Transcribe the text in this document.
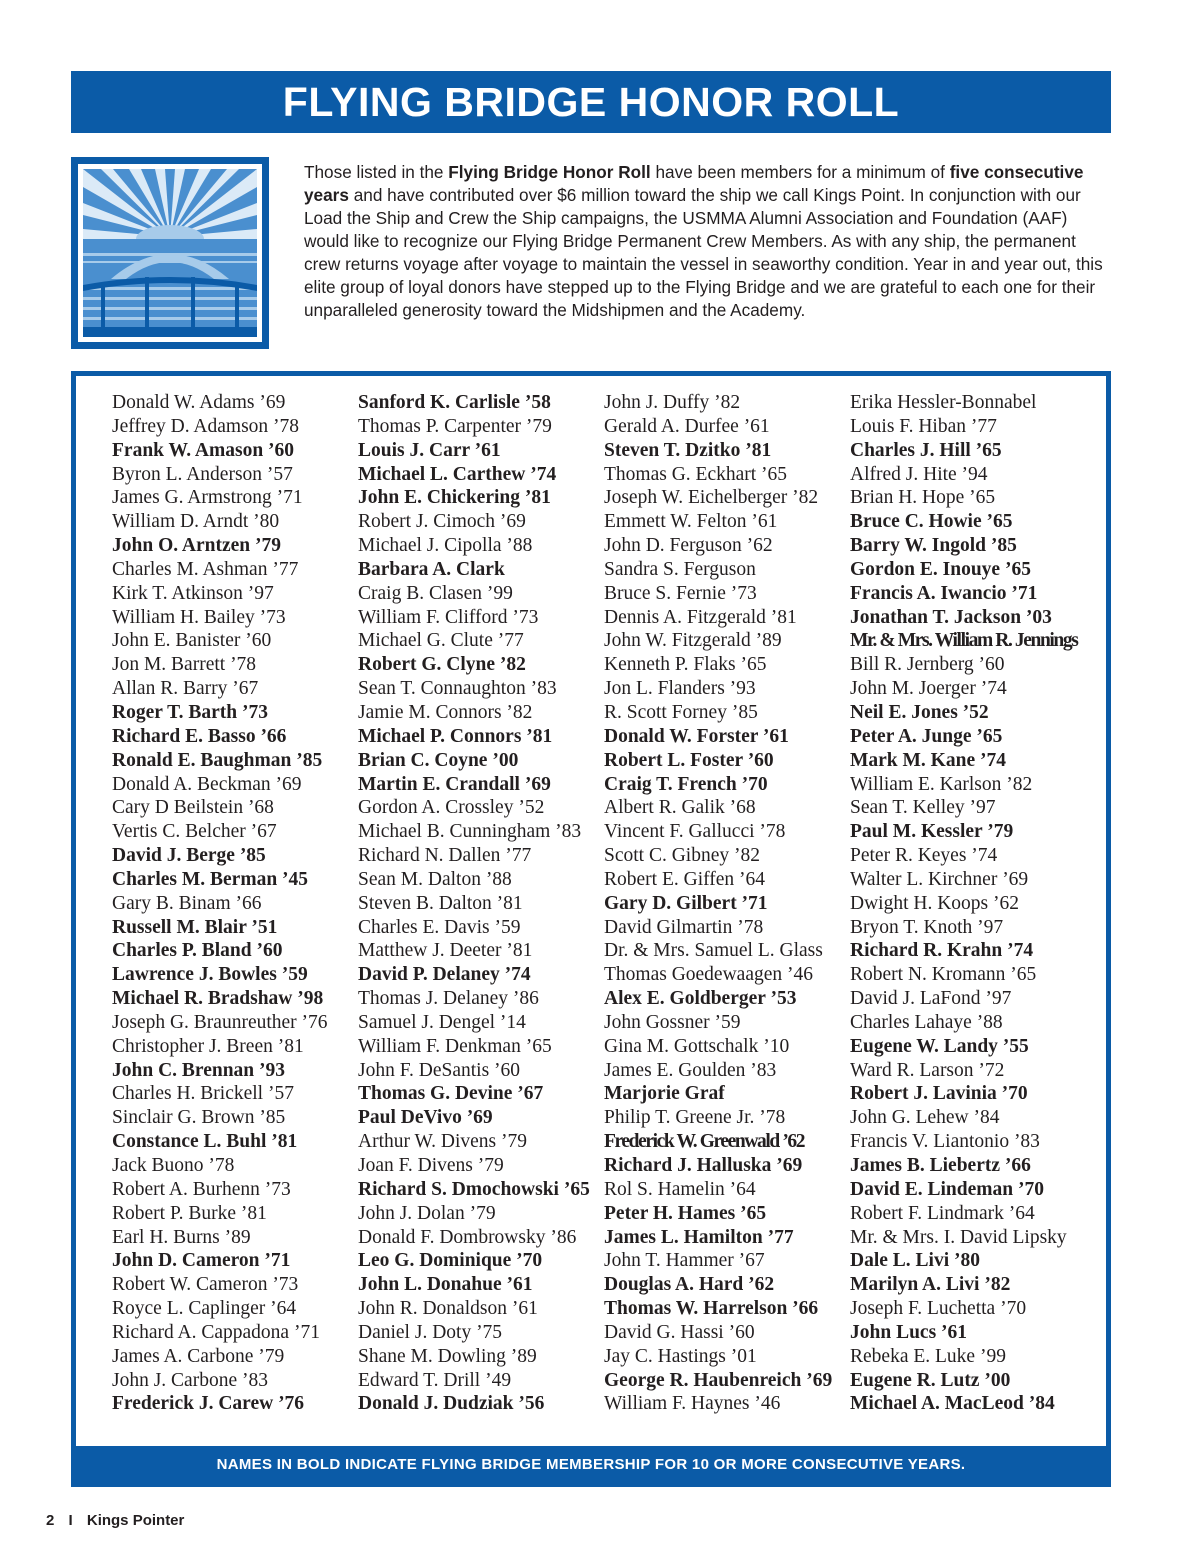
FLYING BRIDGE HONOR ROLL
Those listed in the Flying Bridge Honor Roll have been members for a minimum of five consecutive years and have contributed over $6 million toward the ship we call Kings Point. In conjunction with our Load the Ship and Crew the Ship campaigns, the USMMA Alumni Association and Foundation (AAF) would like to recognize our Flying Bridge Permanent Crew Members. As with any ship, the permanent crew returns voyage after voyage to maintain the vessel in seaworthy condition. Year in and year out, this elite group of loyal donors have stepped up to the Flying Bridge and we are grateful to each one for their unparalleled generosity toward the Midshipmen and the Academy.
Donald W. Adams ’69
Jeffrey D. Adamson ’78
Frank W. Amason ’60
Byron L. Anderson ’57
James G. Armstrong ’71
William D. Arndt ’80
John O. Arntzen ’79
Charles M. Ashman ’77
Kirk T. Atkinson ’97
William H. Bailey ’73
John E. Banister ’60
Jon M. Barrett ’78
Allan R. Barry ’67
Roger T. Barth ’73
Richard E. Basso ’66
Ronald E. Baughman ’85
Donald A. Beckman ’69
Cary D Beilstein ’68
Vertis C. Belcher ’67
David J. Berge ’85
Charles M. Berman ’45
Gary B. Binam ’66
Russell M. Blair ’51
Charles P. Bland ’60
Lawrence J. Bowles ’59
Michael R. Bradshaw ’98
Joseph G. Braunreuther ’76
Christopher J. Breen ’81
John C. Brennan ’93
Charles H. Brickell ’57
Sinclair G. Brown ’85
Constance L. Buhl ’81
Jack Buono ’78
Robert A. Burhenn ’73
Robert P. Burke ’81
Earl H. Burns ’89
John D. Cameron ’71
Robert W. Cameron ’73
Royce L. Caplinger ’64
Richard A. Cappadona ’71
James A. Carbone ’79
John J. Carbone ’83
Frederick J. Carew ’76
Sanford K. Carlisle ’58
Thomas P. Carpenter ’79
Louis J. Carr ’61
Michael L. Carthew ’74
John E. Chickering ’81
Robert J. Cimoch ’69
Michael J. Cipolla ’88
Barbara A. Clark
Craig B. Clasen ’99
William F. Clifford ’73
Michael G. Clute ’77
Robert G. Clyne ’82
Sean T. Connaughton ’83
Jamie M. Connors ’82
Michael P. Connors ’81
Brian C. Coyne ’00
Martin E. Crandall ’69
Gordon A. Crossley ’52
Michael B. Cunningham ’83
Richard N. Dallen ’77
Sean M. Dalton ’88
Steven B. Dalton ’81
Charles E. Davis ’59
Matthew J. Deeter ’81
David P. Delaney ’74
Thomas J. Delaney ’86
Samuel J. Dengel ’14
William F. Denkman ’65
John F. DeSantis ’60
Thomas G. Devine ’67
Paul DeVivo ’69
Arthur W. Divens ’79
Joan F. Divens ’79
Richard S. Dmochowski ’65
John J. Dolan ’79
Donald F. Dombrowsky ’86
Leo G. Dominique ’70
John L. Donahue ’61
John R. Donaldson ’61
Daniel J. Doty ’75
Shane M. Dowling ’89
Edward T. Drill ’49
Donald J. Dudziak ’56
John J. Duffy ’82
Gerald A. Durfee ’61
Steven T. Dzitko ’81
Thomas G. Eckhart ’65
Joseph W. Eichelberger ’82
Emmett W. Felton ’61
John D. Ferguson ’62
Sandra S. Ferguson
Bruce S. Fernie ’73
Dennis A. Fitzgerald ’81
John W. Fitzgerald ’89
Kenneth P. Flaks ’65
Jon L. Flanders ’93
R. Scott Forney ’85
Donald W. Forster ’61
Robert L. Foster ’60
Craig T. French ’70
Albert R. Galik ’68
Vincent F. Gallucci ’78
Scott C. Gibney ’82
Robert E. Giffen ’64
Gary D. Gilbert ’71
David Gilmartin ’78
Dr. & Mrs. Samuel L. Glass
Thomas Goedewaagen ’46
Alex E. Goldberger ’53
John Gossner ’59
Gina M. Gottschalk ’10
James E. Goulden ’83
Marjorie Graf
Philip T. Greene Jr. ’78
Frederick W. Greenwald ’62
Richard J. Halluska ’69
Rol S. Hamelin ’64
Peter H. Hames ’65
James L. Hamilton ’77
John T. Hammer ’67
Douglas A. Hard ’62
Thomas W. Harrelson ’66
David G. Hassi ’60
Jay C. Hastings ’01
George R. Haubenreich ’69
William F. Haynes ’46
Erika Hessler-Bonnabel
Louis F. Hiban ’77
Charles J. Hill ’65
Alfred J. Hite ’94
Brian H. Hope ’65
Bruce C. Howie ’65
Barry W. Ingold ’85
Gordon E. Inouye ’65
Francis A. Iwancio ’71
Jonathan T. Jackson ’03
Mr. & Mrs. William R. Jennings
Bill R. Jernberg ’60
John M. Joerger ’74
Neil E. Jones ’52
Peter A. Junge ’65
Mark M. Kane ’74
William E. Karlson ’82
Sean T. Kelley ’97
Paul M. Kessler ’79
Peter R. Keyes ’74
Walter L. Kirchner ’69
Dwight H. Koops ’62
Bryon T. Knoth ’97
Richard R. Krahn ’74
Robert N. Kromann ’65
David J. LaFond ’97
Charles Lahaye ’88
Eugene W. Landy ’55
Ward R. Larson ’72
Robert J. Lavinia ’70
John G. Lehew ’84
Francis V. Liantonio ’83
James B. Liebertz ’66
David E. Lindeman ’70
Robert F. Lindmark ’64
Mr. & Mrs. I. David Lipsky
Dale L. Livi ’80
Marilyn A. Livi ’82
Joseph F. Luchetta ’70
John Lucs ’61
Rebeka E. Luke ’99
Eugene R. Lutz ’00
Michael A. MacLeod ’84
NAMES IN BOLD INDICATE FLYING BRIDGE MEMBERSHIP FOR 10 OR MORE CONSECUTIVE YEARS.
2 I Kings Pointer
